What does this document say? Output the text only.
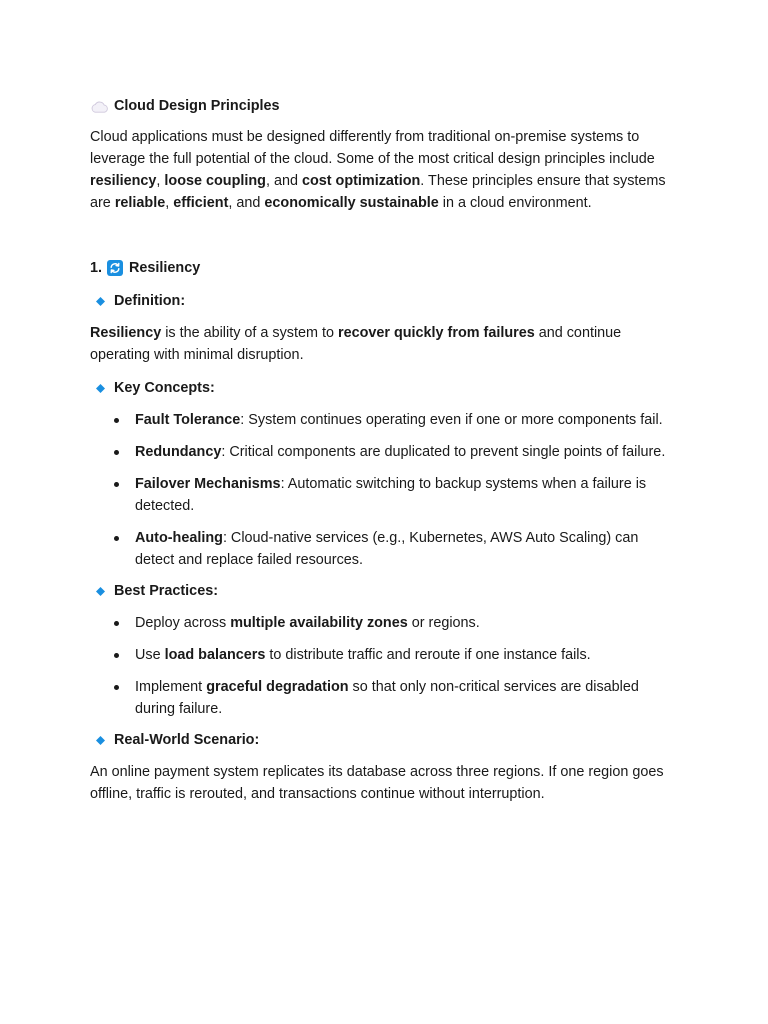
Cloud Design Principles

Cloud applications must be designed differently from traditional on-premise systems to leverage the full potential of the cloud. Some of the most critical design principles include resiliency, loose coupling, and cost optimization. These principles ensure that systems are reliable, efficient, and economically sustainable in a cloud environment.

1. Resiliency
Definition:

Resiliency is the ability of a system to recover quickly from failures and continue operating with minimal disruption.

Key Concepts:
Fault Tolerance: System continues operating even if one or more components fail.
Redundancy: Critical components are duplicated to prevent single points of failure.
Failover Mechanisms: Automatic switching to backup systems when a failure is detected.
Auto-healing: Cloud-native services (e.g., Kubernetes, AWS Auto Scaling) can detect and replace failed resources.
Best Practices:
Deploy across multiple availability zones or regions.
Use load balancers to distribute traffic and reroute if one instance fails.
Implement graceful degradation so that only non-critical services are disabled during failure.
Real-World Scenario:

An online payment system replicates its database across three regions. If one region goes offline, traffic is rerouted, and transactions continue without interruption.
